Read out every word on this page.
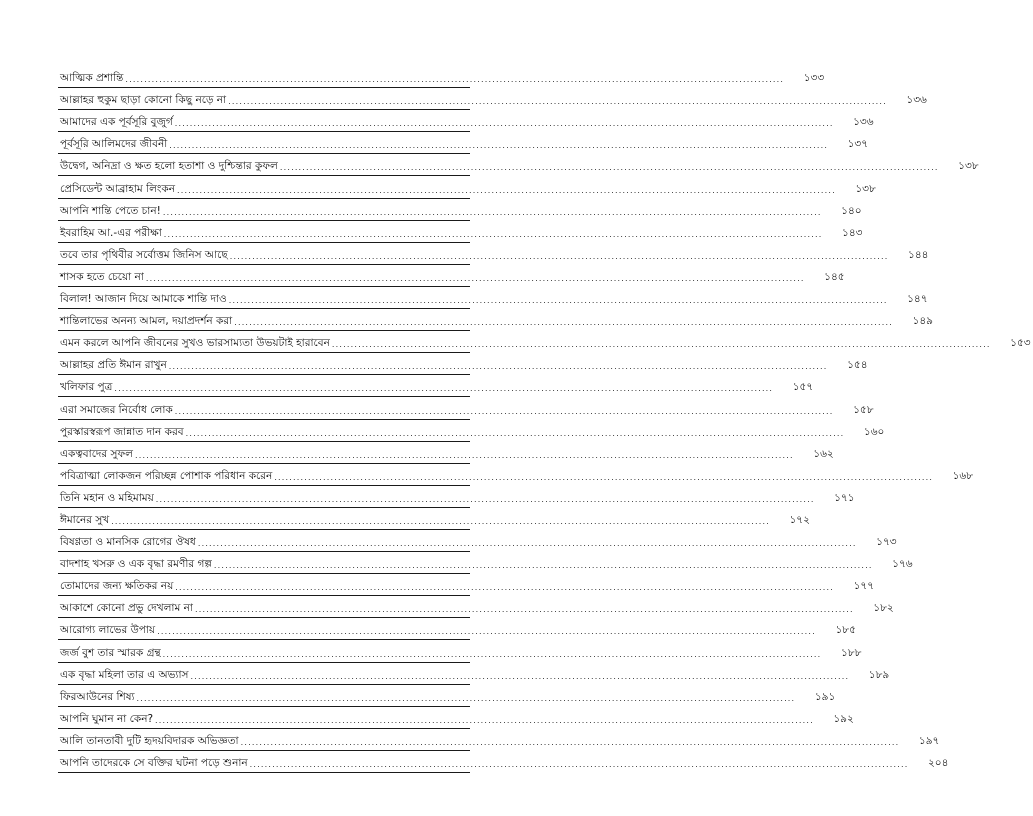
আত্মিক প্রশান্তি .....	১৩৩
আল্লাহর হুকুম ছাড়া কোনো কিছু নড়ে না .....	১৩৬
আমাদের এক পূর্বসূরি বুজুর্গ .....	১৩৬
পূর্বসূরি আলিমদের জীবনী .....	১৩৭
উদ্বেগ, অনিদ্রা ও ক্ষত হলো হতাশা ও দুশ্চিন্তার কুফল .....	১৩৮
প্রেসিডেন্ট আব্রাহাম লিংকন .....	১৩৮
আপনি শান্তি পেতে চান! .....	১৪০
ইবরাহিম আ.-এর পরীক্ষা .....	১৪৩
তবে তার পৃথিবীর সর্বোত্তম জিনিস আছে .....	১৪৪
শাসক হতে চেয়ো না .....	১৪৫
বিলাল! আজান দিয়ে আমাকে শান্তি দাও .....	১৪৭
শান্তিলাভের অনন্য আমল, দয়াপ্রদর্শন করা .....	১৪৯
এমন করলে আপনি জীবনের সুখও ভারসাম্যতা উভয়টাই হারাবেন .....	১৫৩
আল্লাহর প্রতি ঈমান রাখুন .....	১৫৪
খলিফার পুত্র .....	১৫৭
এরা সমাজের নির্বোধ লোক .....	১৫৮
পুরস্কারস্বরূপ জান্নাত দান করব .....	১৬০
একত্ববাদের সুফল .....	১৬২
পবিত্রাত্মা লোকজন পরিচ্ছন্ন পোশাক পরিধান করেন .....	১৬৮
তিনি মহান ও মহিমাময় .....	১৭১
ঈমানের সুখ .....	১৭২
বিষণ্ণতা ও মানসিক রোগের ঔষধ .....	১৭৩
বাদশাহ খসরু ও এক বৃদ্ধা রমণীর গল্প .....	১৭৬
তোমাদের জন্য ক্ষতিকর নয় .....	১৭৭
আকাশে কোনো প্রভু দেখলাম না .....	১৮২
আরোগ্য লাভের উপায় .....	১৮৫
জর্জ বুশ তার স্মারক গ্রন্থ .....	১৮৮
এক বৃদ্ধা মহিলা তার এ অভ্যাস .....	১৮৯
ফিরআউনের শিষ্য .....	১৯১
আপনি ঘুমান না কেন? .....	১৯২
আলি তানতাবী দুটি হৃদয়বিদারক অভিজ্ঞতা .....	১৯৭
আপনি তাদেরকে সে বক্তির ঘটনা পড়ে শুনান .....	২০৪
